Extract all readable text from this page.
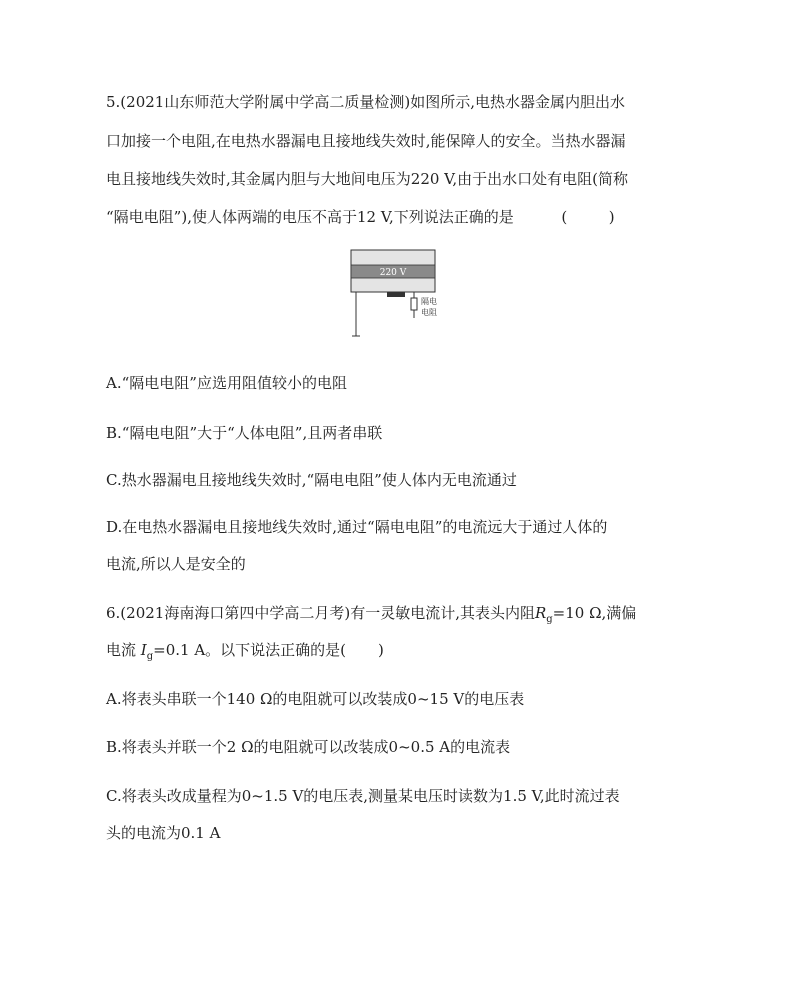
5.(2021山东师范大学附属中学高二质量检测)如图所示,电热水器金属内胆出水
口加接一个电阻,在电热水器漏电且接地线失效时,能保障人的安全。当热水器漏
电且接地线失效时,其金属内胆与大地间电压为220 V,由于出水口处有电阻(简称
“隔电电阻”),使人体两端的电压不高于12 V,下列说法正确的是	(	)
220 V
隔电
电阻
A.“隔电电阻”应选用阻值较小的电阻
B.“隔电电阻”大于“人体电阻”,且两者串联
C.热水器漏电且接地线失效时,“隔电电阻”使人体内无电流通过
D.在电热水器漏电且接地线失效时,通过“隔电电阻”的电流远大于通过人体的
电流,所以人是安全的
6.(2021海南海口第四中学高二月考)有一灵敏电流计,其表头内阻$R_g=10$ Ω,满偏
电流 $I_g=0.1$ A。以下说法正确的是( )
A.将表头串联一个140 Ω的电阻就可以改装成0~15 V的电压表
B.将表头并联一个2 Ω的电阻就可以改装成0~0.5 A的电流表
C.将表头改成量程为0~1.5 V的电压表,测量某电压时读数为1.5 V,此时流过表
头的电流为0.1 A
